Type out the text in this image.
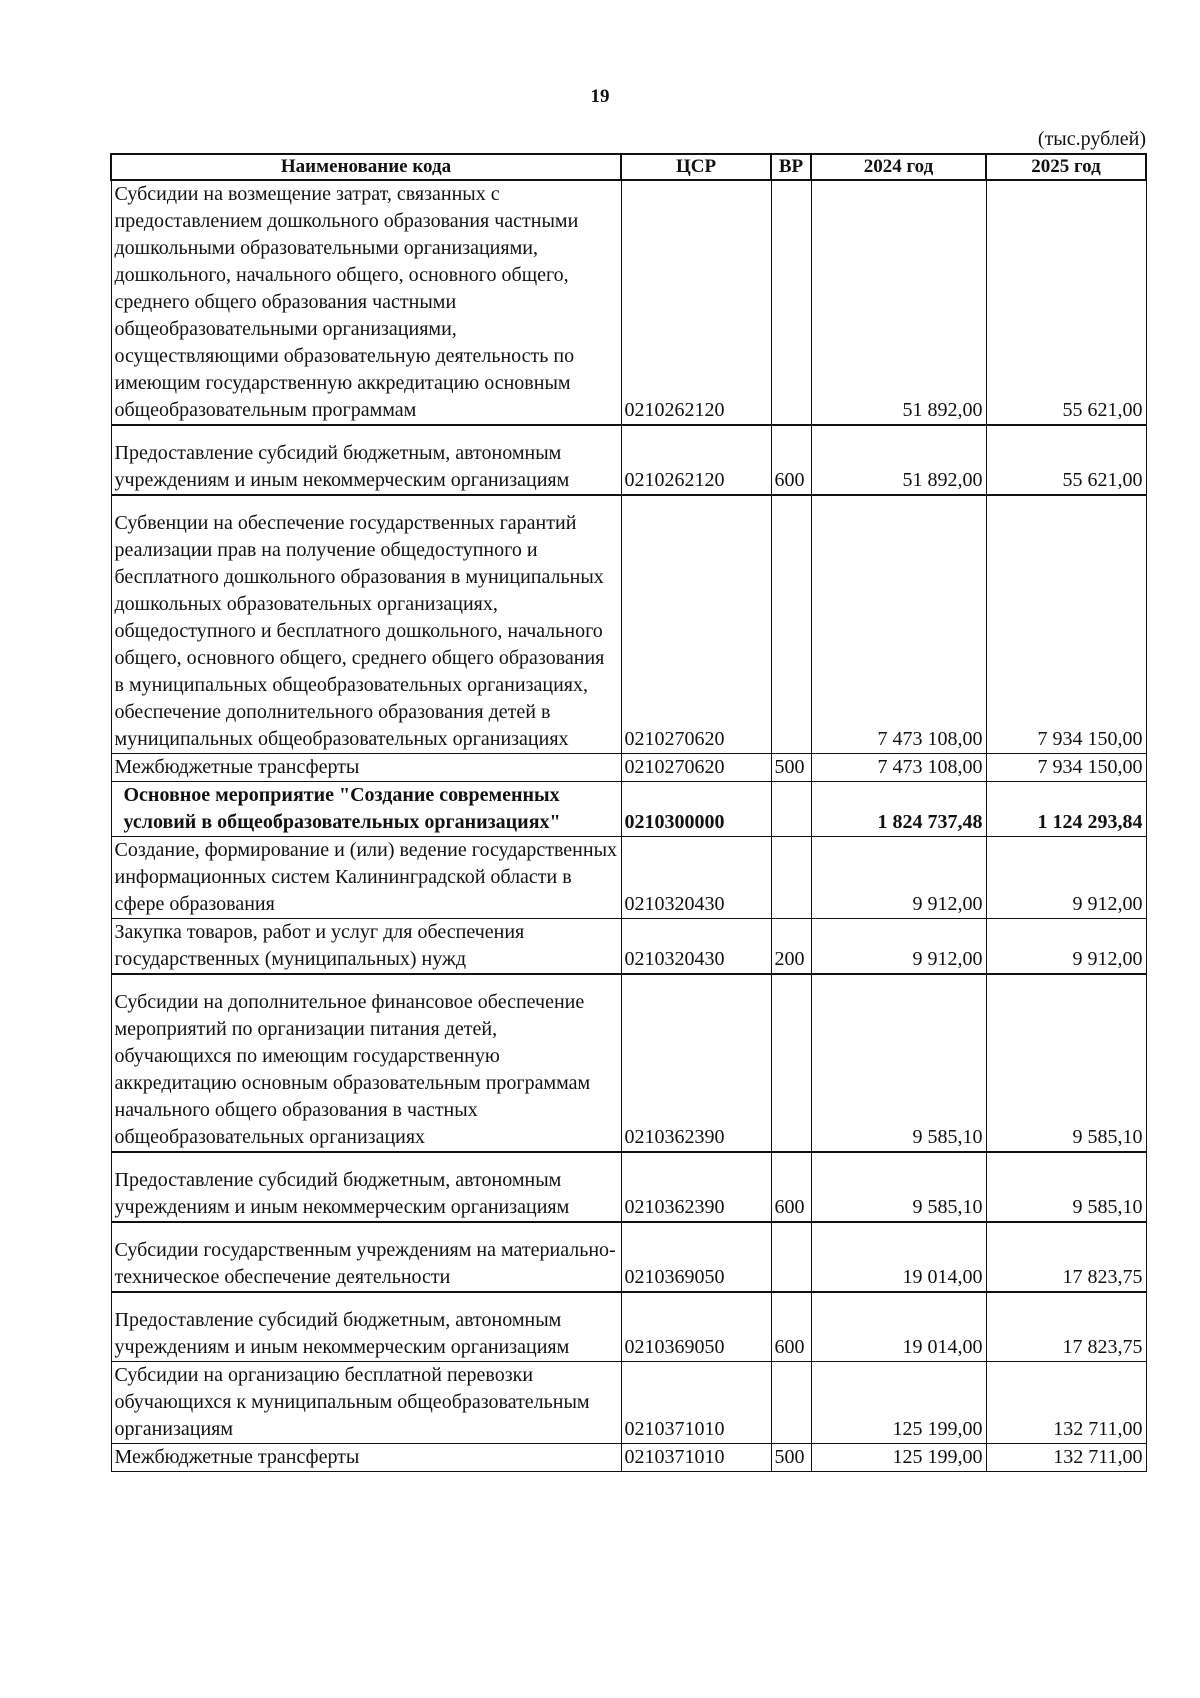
19
(тыс.рублей)
Наименование кода	ЦСР	ВР	2024 год	2025 год
Субсидии на возмещение затрат, связанных с предоставлением дошкольного образования частными дошкольными образовательными организациями, дошкольного, начального общего, основного общего, среднего общего образования частными общеобразовательными организациями, осуществляющими образовательную деятельность по имеющим государственную аккредитацию основным общеобразовательным программам	0210262120		51 892,00	55 621,00
Предоставление субсидий бюджетным, автономным учреждениям и иным некоммерческим организациям	0210262120	600	51 892,00	55 621,00
Субвенции на обеспечение государственных гарантий реализации прав на получение общедоступного и бесплатного дошкольного образования в муниципальных дошкольных образовательных организациях, общедоступного и бесплатного дошкольного, начального общего, основного общего, среднего общего образования в муниципальных общеобразовательных организациях, обеспечение дополнительного образования детей в муниципальных общеобразовательных организациях	0210270620		7 473 108,00	7 934 150,00
Межбюджетные трансферты	0210270620	500	7 473 108,00	7 934 150,00
Основное мероприятие "Создание современных условий в общеобразовательных организациях"	0210300000		1 824 737,48	1 124 293,84
Создание, формирование и (или) ведение государственных информационных систем Калининградской области в сфере образования	0210320430		9 912,00	9 912,00
Закупка товаров, работ и услуг для обеспечения государственных (муниципальных) нужд	0210320430	200	9 912,00	9 912,00
Субсидии на дополнительное финансовое обеспечение мероприятий по организации питания детей, обучающихся по имеющим государственную аккредитацию основным образовательным программам начального общего образования в частных общеобразовательных организациях	0210362390		9 585,10	9 585,10
Предоставление субсидий бюджетным, автономным учреждениям и иным некоммерческим организациям	0210362390	600	9 585,10	9 585,10
Субсидии государственным учреждениям на материально-техническое обеспечение деятельности	0210369050		19 014,00	17 823,75
Предоставление субсидий бюджетным, автономным учреждениям и иным некоммерческим организациям	0210369050	600	19 014,00	17 823,75
Субсидии на организацию бесплатной перевозки обучающихся к муниципальным общеобразовательным организациям	0210371010		125 199,00	132 711,00
Межбюджетные трансферты	0210371010	500	125 199,00	132 711,00
